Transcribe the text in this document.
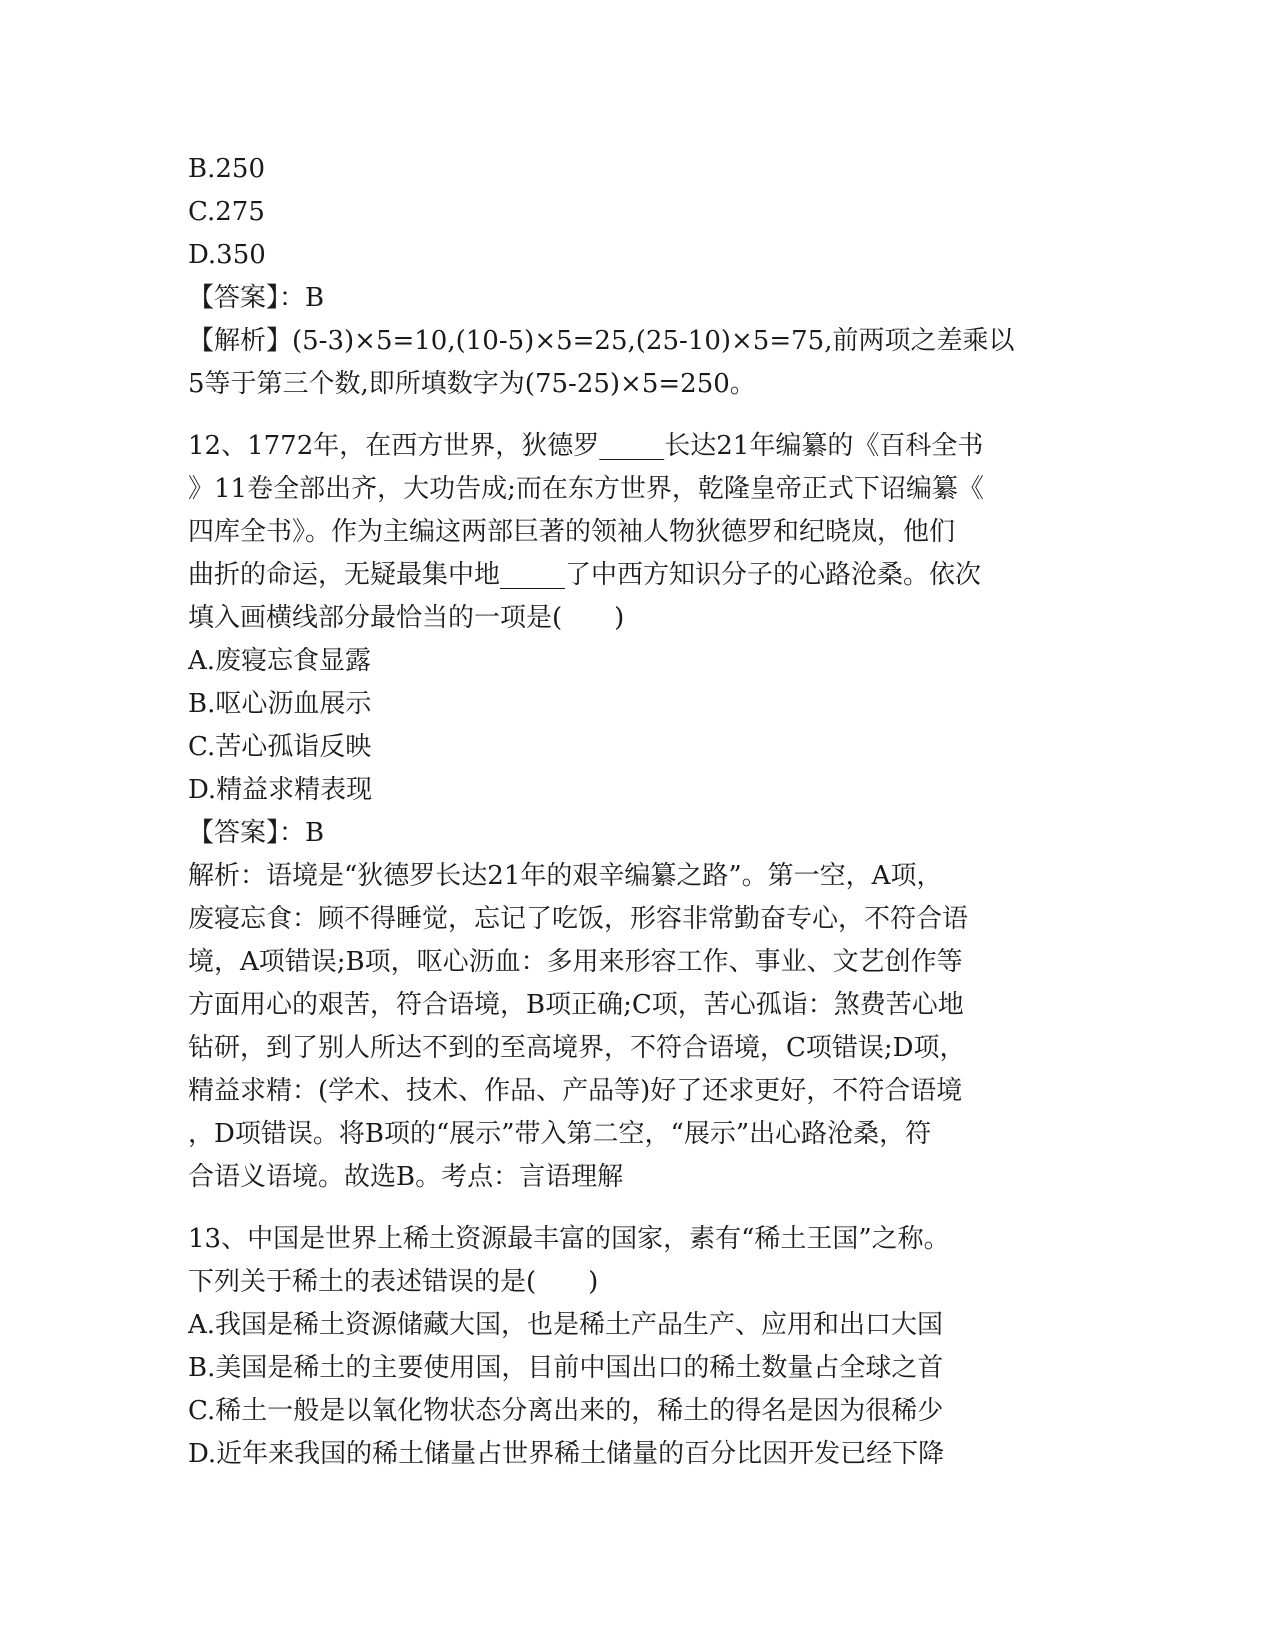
B.250

C.275

D.350

【答案】：B

【解析】(5-3)×5=10,(10-5)×5=25,(25-10)×5=75,前两项之差乘以

5等于第三个数,即所填数字为(75-25)×5=250。

12、1772年，在西方世界，狄德罗_____长达21年编纂的《百科全书

》11卷全部出齐，大功告成;而在东方世界，乾隆皇帝正式下诏编纂《

四库全书》。作为主编这两部巨著的领袖人物狄德罗和纪晓岚，他们

曲折的命运，无疑最集中地_____了中西方知识分子的心路沧桑。依次

填入画横线部分最恰当的一项是(　　)

A.废寝忘食显露

B.呕心沥血展示

C.苦心孤诣反映

D.精益求精表现

【答案】：B

解析：语境是“狄德罗长达21年的艰辛编纂之路”。第一空，A项，

废寝忘食：顾不得睡觉，忘记了吃饭，形容非常勤奋专心，不符合语

境，A项错误;B项，呕心沥血：多用来形容工作、事业、文艺创作等

方面用心的艰苦，符合语境，B项正确;C项，苦心孤诣：煞费苦心地

钻研，到了别人所达不到的至高境界，不符合语境，C项错误;D项，

精益求精：(学术、技术、作品、产品等)好了还求更好，不符合语境

，D项错误。将B项的“展示”带入第二空，“展示”出心路沧桑，符

合语义语境。故选B。考点：言语理解

13、中国是世界上稀土资源最丰富的国家，素有“稀土王国”之称。

下列关于稀土的表述错误的是(　　)

A.我国是稀土资源储藏大国，也是稀土产品生产、应用和出口大国

B.美国是稀土的主要使用国，目前中国出口的稀土数量占全球之首

C.稀土一般是以氧化物状态分离出来的，稀土的得名是因为很稀少

D.近年来我国的稀土储量占世界稀土储量的百分比因开发已经下降
